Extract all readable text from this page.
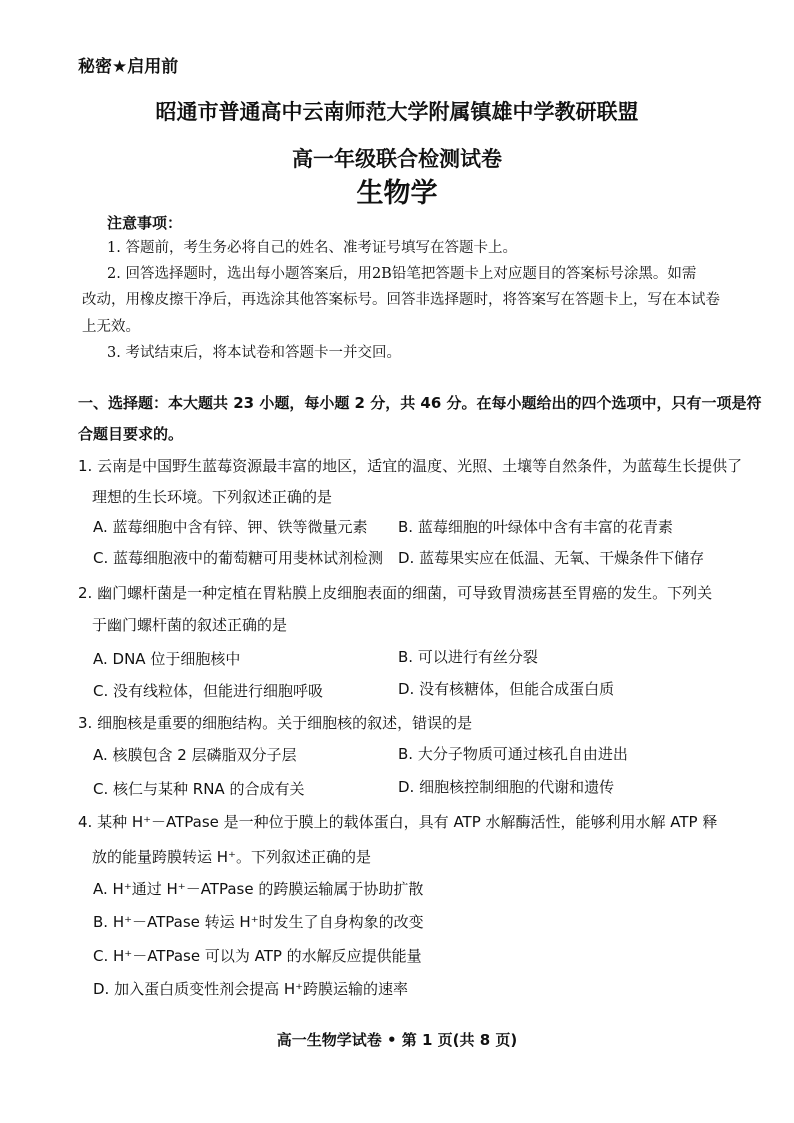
秘密★启用前
昭通市普通高中云南师范大学附属镇雄中学教研联盟
高一年级联合检测试卷
生物学
注意事项：
1. 答题前，考生务必将自己的姓名、准考证号填写在答题卡上。
2. 回答选择题时，选出每小题答案后，用2B铅笔把答题卡上对应题目的答案标号涂黑。如需
改动，用橡皮擦干净后，再选涂其他答案标号。回答非选择题时，将答案写在答题卡上，写在本试卷
上无效。
3. 考试结束后，将本试卷和答题卡一并交回。
一、选择题：本大题共 23 小题，每小题 2 分，共 46 分。在每小题给出的四个选项中，只有一项是符
合题目要求的。
1. 云南是中国野生蓝莓资源最丰富的地区，适宜的温度、光照、土壤等自然条件，为蓝莓生长提供了
理想的生长环境。下列叙述正确的是
A. 蓝莓细胞中含有锌、钾、铁等微量元素 B. 蓝莓细胞的叶绿体中含有丰富的花青素
C. 蓝莓细胞液中的葡萄糖可用斐林试剂检测 D. 蓝莓果实应在低温、无氧、干燥条件下储存
2. 幽门螺杆菌是一种定植在胃粘膜上皮细胞表面的细菌，可导致胃溃疡甚至胃癌的发生。下列关
于幽门螺杆菌的叙述正确的是
A. DNA 位于细胞核中	B. 可以进行有丝分裂
C. 没有线粒体，但能进行细胞呼吸	D. 没有核糖体，但能合成蛋白质
3. 细胞核是重要的细胞结构。关于细胞核的叙述，错误的是
A. 核膜包含 2 层磷脂双分子层	B. 大分子物质可通过核孔自由进出
C. 核仁与某种 RNA 的合成有关	D. 细胞核控制细胞的代谢和遗传
4. 某种 H⁺－ATPase 是一种位于膜上的载体蛋白，具有 ATP 水解酶活性，能够利用水解 ATP 释
放的能量跨膜转运 H⁺。下列叙述正确的是
A. H⁺通过 H⁺－ATPase 的跨膜运输属于协助扩散
B. H⁺－ATPase 转运 H⁺时发生了自身构象的改变
C. H⁺－ATPase 可以为 ATP 的水解反应提供能量
D. 加入蛋白质变性剂会提高 H⁺跨膜运输的速率
高一生物学试卷 • 第 1 页(共 8 页)
